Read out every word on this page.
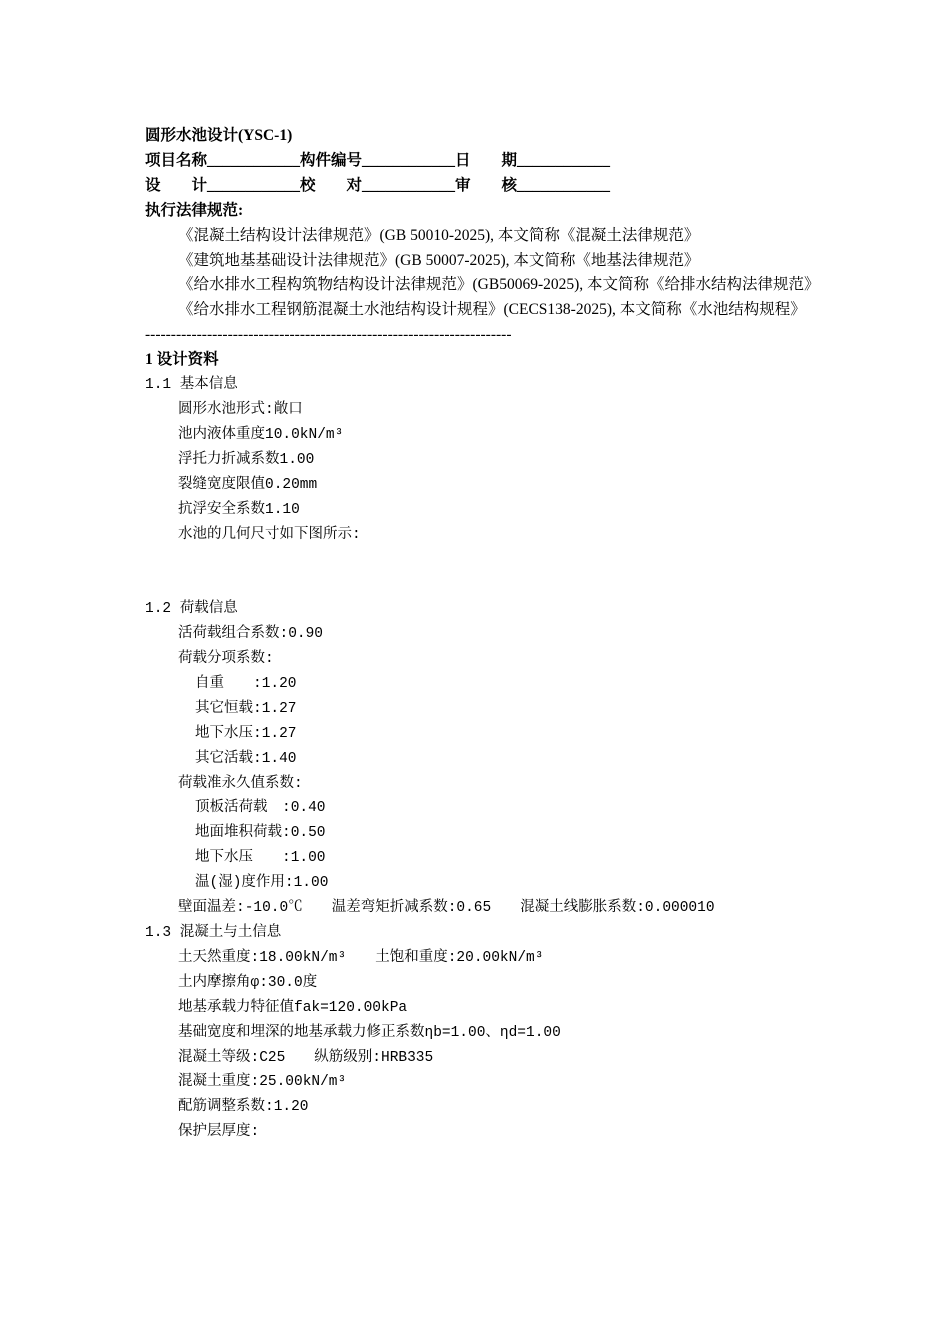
圆形水池设计(YSC-1)
项目名称____________构件编号____________日　　期____________
设　　计____________校　　对____________审　　核____________
执行法律规范:
《混凝土结构设计法律规范》(GB 50010-2025), 本文简称《混凝土法律规范》
《建筑地基基础设计法律规范》(GB 50007-2025), 本文简称《地基法律规范》
《给水排水工程构筑物结构设计法律规范》(GB50069-2025), 本文简称《给排水结构法律规范》
《给水排水工程钢筋混凝土水池结构设计规程》(CECS138-2025), 本文简称《水池结构规程》
-----------------------------------------------------------------------
1 设计资料
1.1 基本信息
圆形水池形式:敞口
池内液体重度10.0kN/m³
浮托力折减系数1.00
裂缝宽度限值0.20mm
抗浮安全系数1.10
水池的几何尺寸如下图所示:
1.2 荷载信息
活荷载组合系数:0.90
荷载分项系数:
自重　　:1.20
其它恒载:1.27
地下水压:1.27
其它活载:1.40
荷载准永久值系数:
顶板活荷载　:0.40
地面堆积荷载:0.50
地下水压　　:1.00
温(湿)度作用:1.00
壁面温差:-10.0℃　　温差弯矩折减系数:0.65　　混凝土线膨胀系数:0.000010
1.3 混凝土与土信息
土天然重度:18.00kN/m³　　土饱和重度:20.00kN/m³
土内摩擦角φ:30.0度
地基承载力特征值fak=120.00kPa
基础宽度和埋深的地基承载力修正系数ηb=1.00、ηd=1.00
混凝土等级:C25　　纵筋级别:HRB335
混凝土重度:25.00kN/m³
配筋调整系数:1.20
保护层厚度:
